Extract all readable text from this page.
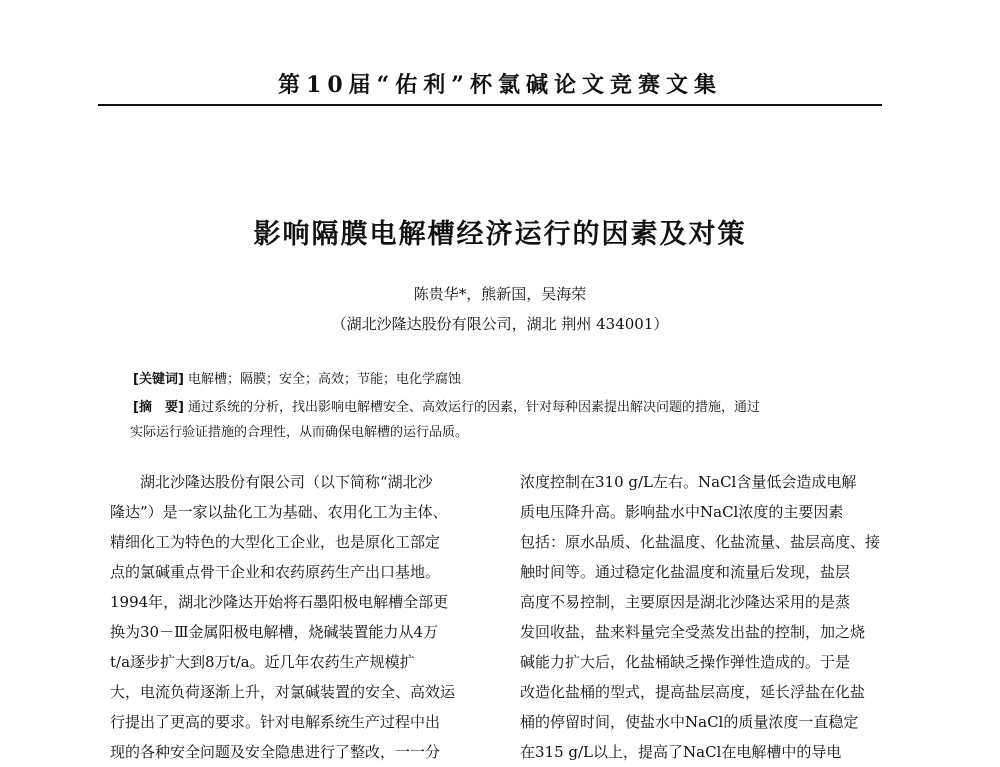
第10届“佑利”杯氯碱论文竞赛文集
影响隔膜电解槽经济运行的因素及对策
陈贵华*，熊新国，吴海荣
（湖北沙隆达股份有限公司，湖北 荆州 434001）
[关键词] 电解槽；隔膜；安全；高效；节能；电化学腐蚀
[摘　要] 通过系统的分析，找出影响电解槽安全、高效运行的因素，针对每种因素提出解决问题的措施，通过
实际运行验证措施的合理性，从而确保电解槽的运行品质。
　　湖北沙隆达股份有限公司（以下简称“湖北沙
隆达”）是一家以盐化工为基础、农用化工为主体、
精细化工为特色的大型化工企业，也是原化工部定
点的氯碱重点骨干企业和农药原药生产出口基地。
1994年，湖北沙隆达开始将石墨阳极电解槽全部更
换为30－Ⅲ金属阳极电解槽，烧碱装置能力从4万
t/a逐步扩大到8万t/a。近几年农药生产规模扩
大，电流负荷逐渐上升，对氯碱装置的安全、高效运
行提出了更高的要求。针对电解系统生产过程中出
现的各种安全问题及安全隐患进行了整改，一一分
浓度控制在310 g/L左右。NaCl含量低会造成电解
质电压降升高。影响盐水中NaCl浓度的主要因素
包括：原水品质、化盐温度、化盐流量、盐层高度、接
触时间等。通过稳定化盐温度和流量后发现，盐层
高度不易控制，主要原因是湖北沙隆达采用的是蒸
发回收盐，盐来料量完全受蒸发出盐的控制，加之烧
碱能力扩大后，化盐桶缺乏操作弹性造成的。于是
改造化盐桶的型式，提高盐层高度，延长浮盐在化盐
桶的停留时间，使盐水中NaCl的质量浓度一直稳定
在315 g/L以上，提高了NaCl在电解槽中的导电
